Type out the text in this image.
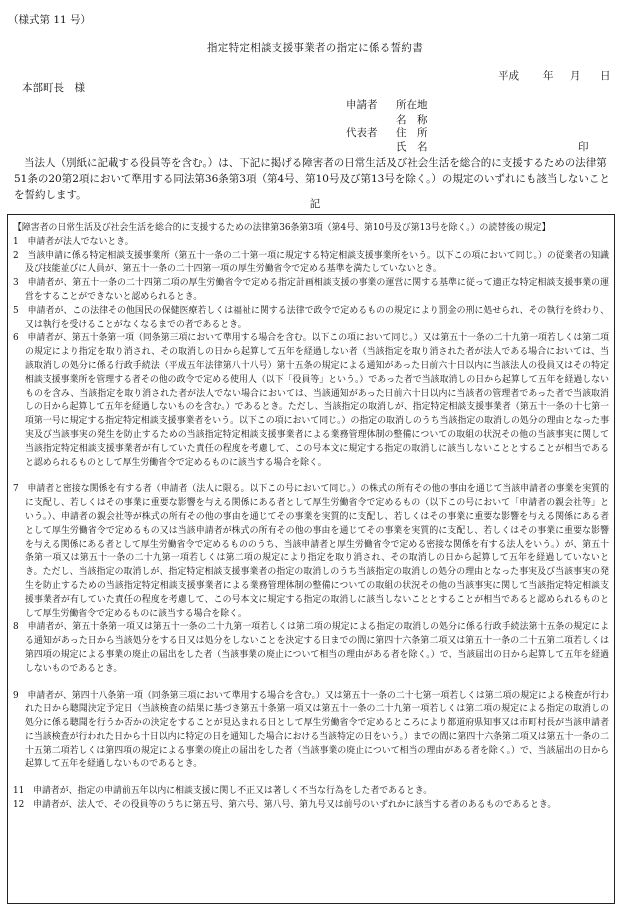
（様式第 11 号）
指定特定相談支援事業者の指定に係る誓約書
平成 年 月 日
本部町長　様
申請者 所在地
名　称
代表者 住　所
氏　名	印
当法人（別紙に記載する役員等を含む。）は、下記に掲げる障害者の日常生活及び社会生活を総合的に支援するための法律第51条の20第2項において準用する同法第36条第3項（第4号、第10号及び第13号を除く。）の規定のいずれにも該当しないことを誓約します。
記

【障害者の日常生活及び社会生活を総合的に支援するための法律第36条第3項（第4号、第10号及び第13号を除く。）の読替後の規定】

1　申請者が法人でないとき。

2　当該申請に係る特定相談支援事業所（第五十一条の二十第一項に規定する特定相談支援事業所をいう。以下この項において同じ。）の従業者の知識及び技能並びに人員が、第五十一条の二十四第一項の厚生労働省令で定める基準を満たしていないとき。

3　申請者が、第五十一条の二十四第二項の厚生労働省令で定める指定計画相談支援の事業の運営に関する基準に従って適正な特定相談支援事業の運営をすることができないと認められるとき。

5　申請者が、この法律その他国民の保健医療若しくは福祉に関する法律で政令で定めるものの規定により罰金の刑に処せられ、その執行を終わり、又は執行を受けることがなくなるまでの者であるとき。

6　申請者が、第五十条第一項（同条第三項において準用する場合を含む。以下この項において同じ。）又は第五十一条の二十九第一項若しくは第二項の規定により指定を取り消され、その取消しの日から起算して五年を経過しない者（当該指定を取り消された者が法人である場合においては、当該取消しの処分に係る行政手続法（平成五年法律第八十八号）第十五条の規定による通知があった日前六十日以内に当該法人の役員又はその特定相談支援事業所を管理する者その他の政令で定める使用人（以下「役員等」という。）であった者で当該取消しの日から起算して五年を経過しないものを含み、当該指定を取り消された者が法人でない場合においては、当該通知があった日前六十日以内に当該者の管理者であった者で当該取消しの日から起算して五年を経過しないものを含む。）であるとき。ただし、当該指定の取消しが、指定特定相談支援事業者（第五十一条の十七第一項第一号に規定する指定特定相談支援事業者をいう。以下この項において同じ。）の指定の取消しのうち当該指定の取消しの処分の理由となった事実及び当該事実の発生を防止するための当該指定特定相談支援事業者による業務管理体制の整備についての取組の状況その他の当該事実に関して当該指定特定相談支援事業者が有していた責任の程度を考慮して、この号本文に規定する指定の取消しに該当しないこととすることが相当であると認められるものとして厚生労働省令で定めるものに該当する場合を除く。

7　申請者と密接な関係を有する者（申請者（法人に限る。以下この号において同じ。）の株式の所有その他の事由を通じて当該申請者の事業を実質的に支配し、若しくはその事業に重要な影響を与える関係にある者として厚生労働省令で定めるもの（以下この号において「申請者の親会社等」という。）、申請者の親会社等が株式の所有その他の事由を通じてその事業を実質的に支配し、若しくはその事業に重要な影響を与える関係にある者として厚生労働省令で定めるもの又は当該申請者が株式の所有その他の事由を通じてその事業を実質的に支配し、若しくはその事業に重要な影響を与える関係にある者として厚生労働省令で定めるもののうち、当該申請者と厚生労働省令で定める密接な関係を有する法人をいう。）が、第五十条第一項又は第五十一条の二十九第一項若しくは第二項の規定により指定を取り消され、その取消しの日から起算して五年を経過していないとき。ただし、当該指定の取消しが、指定特定相談支援事業者の指定の取消しのうち当該指定の取消しの処分の理由となった事実及び当該事実の発生を防止するための当該指定特定相談支援事業者による業務管理体制の整備についての取組の状況その他の当該事実に関して当該指定特定相談支援事業者が有していた責任の程度を考慮して、この号本文に規定する指定の取消しに該当しないこととすることが相当であると認められるものとして厚生労働省令で定めるものに該当する場合を除く。

8　申請者が、第五十条第一項又は第五十一条の二十九第一項若しくは第二項の規定による指定の取消しの処分に係る行政手続法第十五条の規定による通知があった日から当該処分をする日又は処分をしないことを決定する日までの間に第四十六条第二項又は第五十一条の二十五第二項若しくは第四項の規定による事業の廃止の届出をした者（当該事業の廃止について相当の理由がある者を除く。）で、当該届出の日から起算して五年を経過しないものであるとき。

9　申請者が、第四十八条第一項（同条第三項において準用する場合を含む。）又は第五十一条の二十七第一項若しくは第二項の規定による検査が行われた日から聴聞決定予定日（当該検査の結果に基づき第五十条第一項又は第五十一条の二十九第一項若しくは第二項の規定による指定の取消しの処分に係る聴聞を行うか否かの決定をすることが見込まれる日として厚生労働省令で定めるところにより都道府県知事又は市町村長が当該申請者に当該検査が行われた日から十日以内に特定の日を通知した場合における当該特定の日をいう。）までの間に第四十六条第二項又は第五十一条の二十五第二項若しくは第四項の規定による事業の廃止の届出をした者（当該事業の廃止について相当の理由がある者を除く。）で、当該届出の日から起算して五年を経過しないものであるとき。

11　申請者が、指定の申請前五年以内に相談支援に関し不正又は著しく不当な行為をした者であるとき。

12　申請者が、法人で、その役員等のうちに第五号、第六号、第八号、第九号又は前号のいずれかに該当する者のあるものであるとき。
